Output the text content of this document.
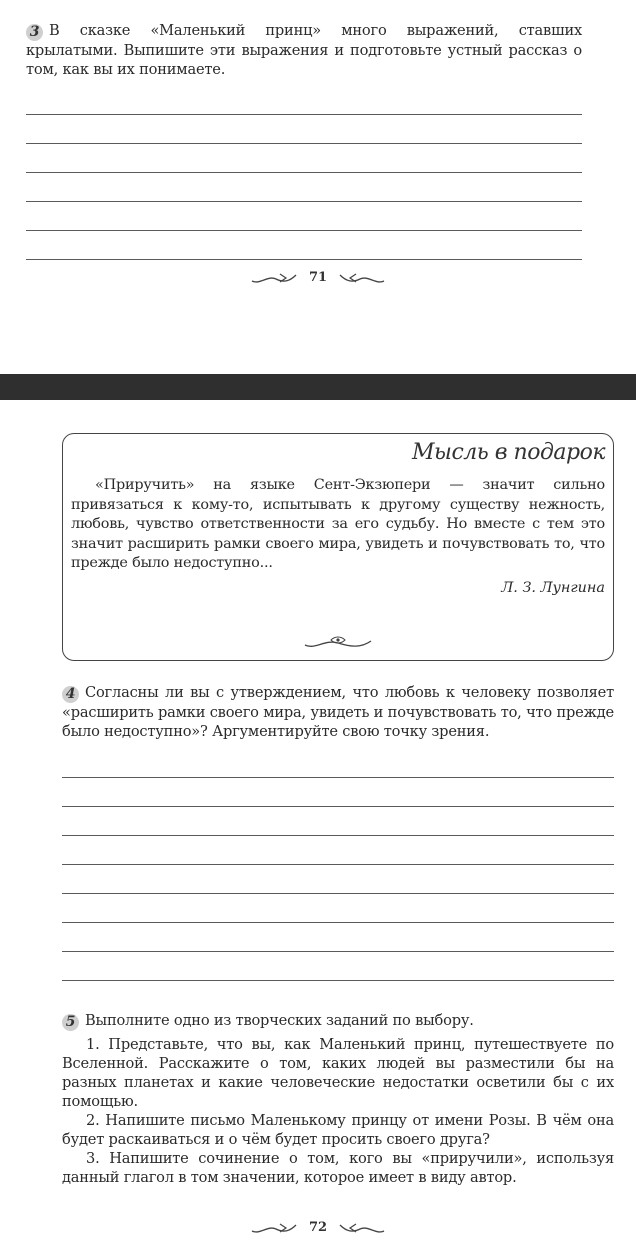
3 В сказке «Маленький принц» много выражений, ставших крылатыми. Выпишите эти выражения и подготовьте устный рассказ о том, как вы их понимаете.

71
Мысль в подарок

«Приручить» на языке Сент-Экзюпери — значит сильно привязаться к кому-то, испытывать к другому существу нежность, любовь, чувство ответственности за его судьбу. Но вместе с тем это значит расширить рамки своего мира, увидеть и почувствовать то, что прежде было недоступно...

Л. З. Лунгина

4 Согласны ли вы с утверждением, что любовь к человеку позволяет «расширить рамки своего мира, увидеть и почувствовать то, что прежде было недоступно»? Аргументируйте свою точку зрения.

5 Выполните одно из творческих заданий по выбору.

1. Представьте, что вы, как Маленький принц, путешествуете по Вселенной. Расскажите о том, каких людей вы разместили бы на разных планетах и какие человеческие недостатки осветили бы с их помощью.

2. Напишите письмо Маленькому принцу от имени Розы. В чём она будет раскаиваться и о чём будет просить своего друга?

3. Напишите сочинение о том, кого вы «приручили», используя данный глагол в том значении, которое имеет в виду автор.

72
